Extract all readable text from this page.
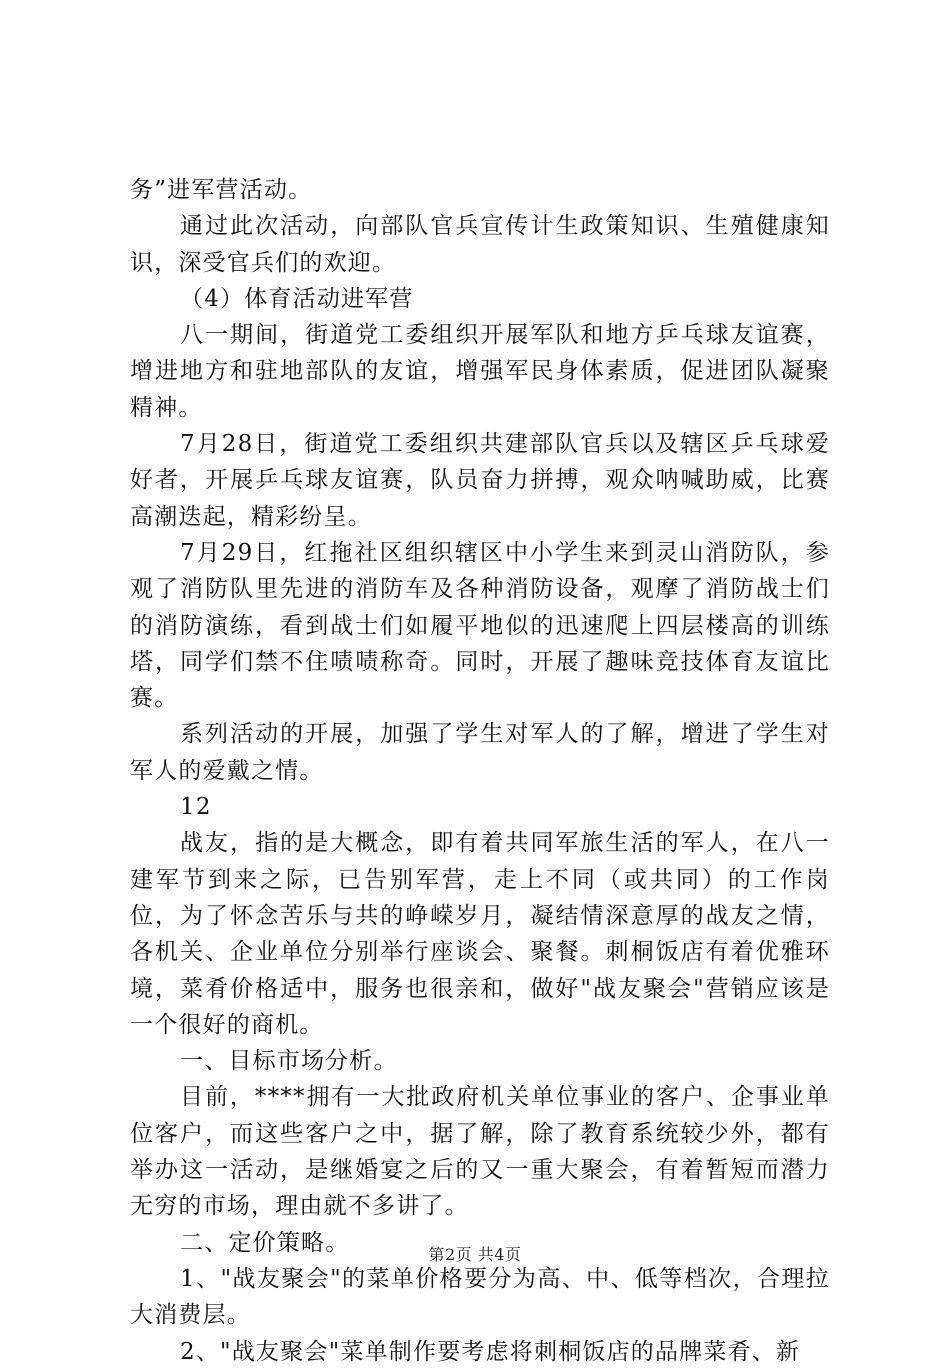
务”进军营活动。

通过此次活动，向部队官兵宣传计生政策知识、生殖健康知识，深受官兵们的欢迎。

（4）体育活动进军营

八一期间，街道党工委组织开展军队和地方乒乓球友谊赛，增进地方和驻地部队的友谊，增强军民身体素质，促进团队凝聚精神。

7月28日，街道党工委组织共建部队官兵以及辖区乒乓球爱好者，开展乒乓球友谊赛，队员奋力拼搏，观众呐喊助威，比赛高潮迭起，精彩纷呈。

7月29日，红拖社区组织辖区中小学生来到灵山消防队，参观了消防队里先进的消防车及各种消防设备，观摩了消防战士们的消防演练，看到战士们如履平地似的迅速爬上四层楼高的训练塔，同学们禁不住啧啧称奇。同时，开展了趣味竞技体育友谊比赛。

系列活动的开展，加强了学生对军人的了解，增进了学生对军人的爱戴之情。

12

战友，指的是大概念，即有着共同军旅生活的军人，在八一建军节到来之际，已告别军营，走上不同（或共同）的工作岗位，为了怀念苦乐与共的峥嵘岁月，凝结情深意厚的战友之情，各机关、企业单位分别举行座谈会、聚餐。刺桐饭店有着优雅环境，菜肴价格适中，服务也很亲和，做好"战友聚会"营销应该是一个很好的商机。

一、目标市场分析。

目前，****拥有一大批政府机关单位事业的客户、企事业单位客户，而这些客户之中，据了解，除了教育系统较少外，都有举办这一活动，是继婚宴之后的又一重大聚会，有着暂短而潜力无穷的市场，理由就不多讲了。

二、定价策略。

1、"战友聚会"的菜单价格要分为高、中、低等档次，合理拉大消费层。

2、"战友聚会"菜单制作要考虑将刺桐饭店的品牌菜肴、新

第2页 共4页
